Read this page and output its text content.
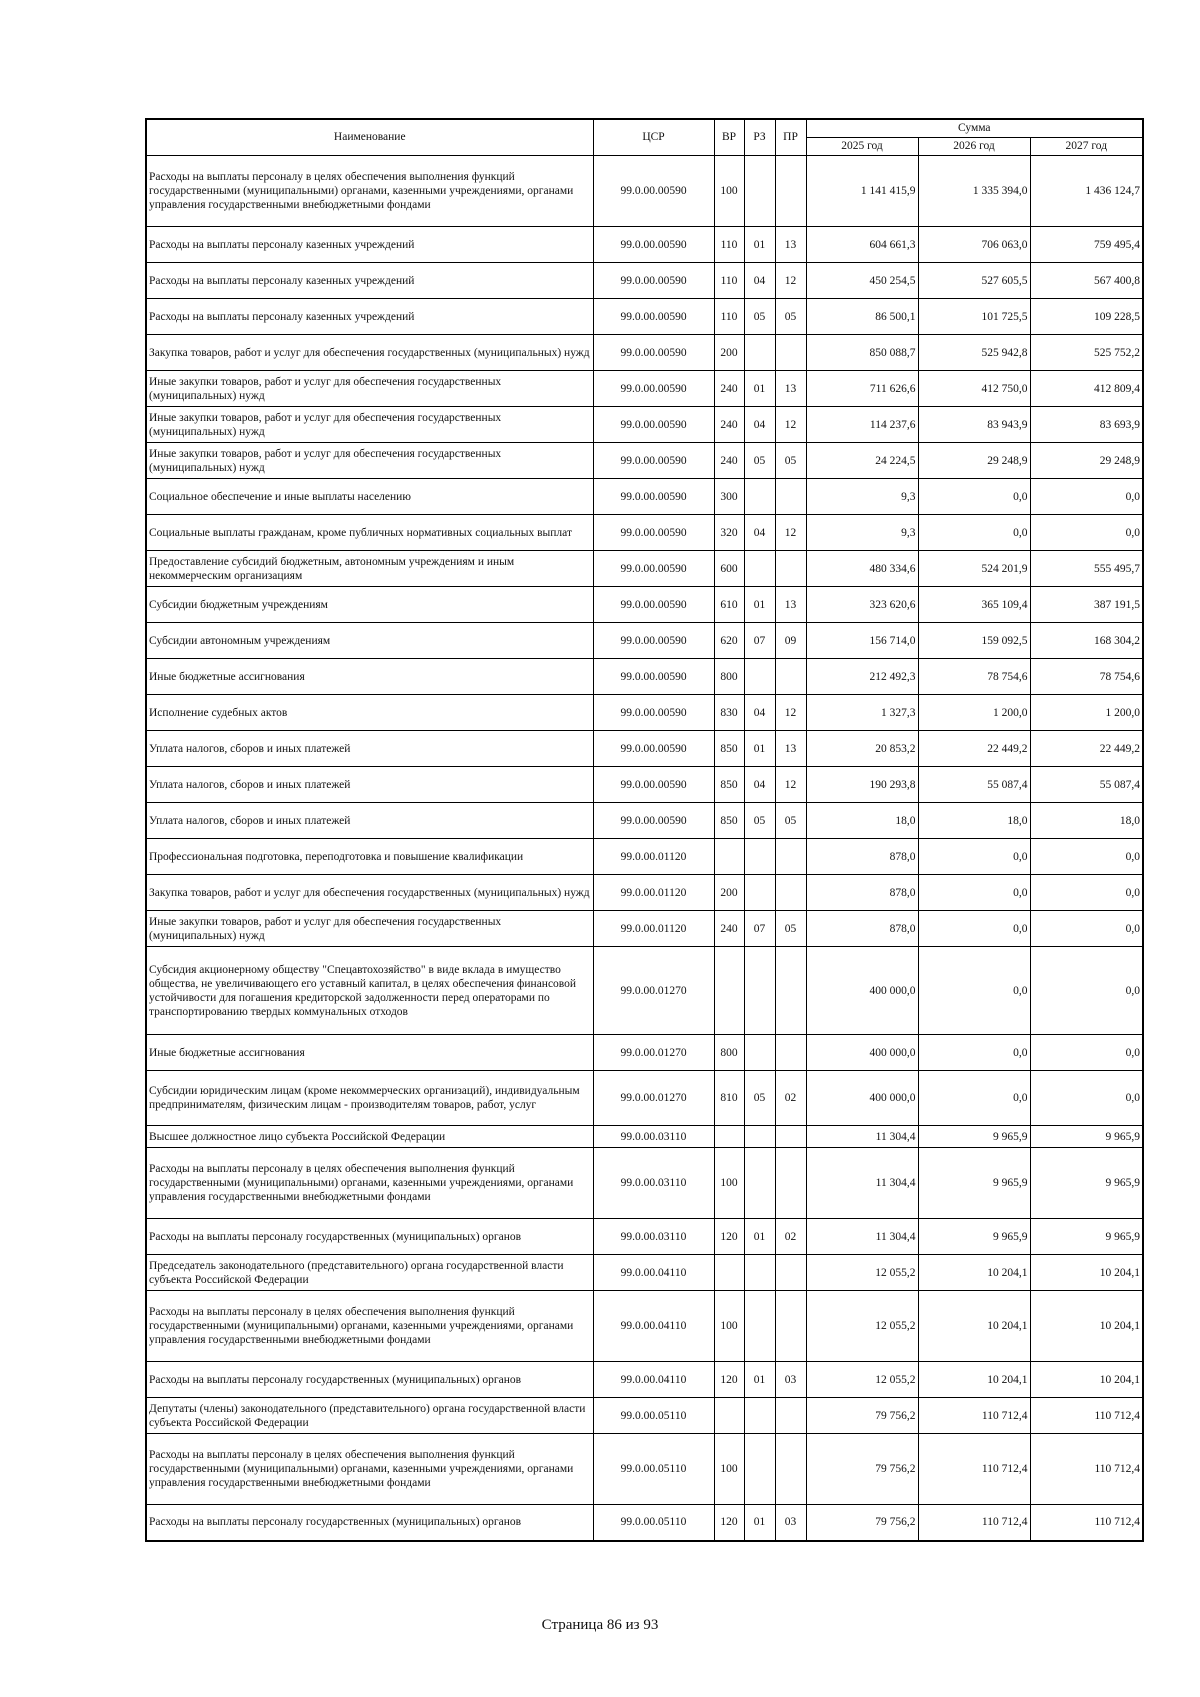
Наименование	ЦСР	ВР	РЗ	ПР	Сумма		
					2025 год	2026 год	2027 год
Расходы на выплаты персоналу в целях обеспечения выполнения функций государственными (муниципальными) органами, казенными учреждениями, органами управления государственными внебюджетными фондами	99.0.00.00590	100			1 141 415,9	1 335 394,0	1 436 124,7
Расходы на выплаты персоналу казенных учреждений	99.0.00.00590	110	01	13	604 661,3	706 063,0	759 495,4
Расходы на выплаты персоналу казенных учреждений	99.0.00.00590	110	04	12	450 254,5	527 605,5	567 400,8
Расходы на выплаты персоналу казенных учреждений	99.0.00.00590	110	05	05	86 500,1	101 725,5	109 228,5
Закупка товаров, работ и услуг для обеспечения государственных (муниципальных) нужд	99.0.00.00590	200			850 088,7	525 942,8	525 752,2
Иные закупки товаров, работ и услуг для обеспечения государственных (муниципальных) нужд	99.0.00.00590	240	01	13	711 626,6	412 750,0	412 809,4
Иные закупки товаров, работ и услуг для обеспечения государственных (муниципальных) нужд	99.0.00.00590	240	04	12	114 237,6	83 943,9	83 693,9
Иные закупки товаров, работ и услуг для обеспечения государственных (муниципальных) нужд	99.0.00.00590	240	05	05	24 224,5	29 248,9	29 248,9
Социальное обеспечение и иные выплаты населению	99.0.00.00590	300			9,3	0,0	0,0
Социальные выплаты гражданам, кроме публичных нормативных социальных выплат	99.0.00.00590	320	04	12	9,3	0,0	0,0
Предоставление субсидий бюджетным, автономным учреждениям и иным некоммерческим организациям	99.0.00.00590	600			480 334,6	524 201,9	555 495,7
Субсидии бюджетным учреждениям	99.0.00.00590	610	01	13	323 620,6	365 109,4	387 191,5
Субсидии автономным учреждениям	99.0.00.00590	620	07	09	156 714,0	159 092,5	168 304,2
Иные бюджетные ассигнования	99.0.00.00590	800			212 492,3	78 754,6	78 754,6
Исполнение судебных актов	99.0.00.00590	830	04	12	1 327,3	1 200,0	1 200,0
Уплата налогов, сборов и иных платежей	99.0.00.00590	850	01	13	20 853,2	22 449,2	22 449,2
Уплата налогов, сборов и иных платежей	99.0.00.00590	850	04	12	190 293,8	55 087,4	55 087,4
Уплата налогов, сборов и иных платежей	99.0.00.00590	850	05	05	18,0	18,0	18,0
Профессиональная подготовка, переподготовка и повышение квалификации	99.0.00.01120				878,0	0,0	0,0
Закупка товаров, работ и услуг для обеспечения государственных (муниципальных) нужд	99.0.00.01120	200			878,0	0,0	0,0
Иные закупки товаров, работ и услуг для обеспечения государственных (муниципальных) нужд	99.0.00.01120	240	07	05	878,0	0,0	0,0
Субсидия акционерному обществу "Спецавтохозяйство" в виде вклада в имущество общества, не увеличивающего его уставный капитал, в целях обеспечения финансовой устойчивости для погашения кредиторской задолженности перед операторами по транспортированию твердых коммунальных отходов	99.0.00.01270				400 000,0	0,0	0,0
Иные бюджетные ассигнования	99.0.00.01270	800			400 000,0	0,0	0,0
Субсидии юридическим лицам (кроме некоммерческих организаций), индивидуальным предпринимателям, физическим лицам - производителям товаров, работ, услуг	99.0.00.01270	810	05	02	400 000,0	0,0	0,0
Высшее должностное лицо субъекта Российской Федерации	99.0.00.03110				11 304,4	9 965,9	9 965,9
Расходы на выплаты персоналу в целях обеспечения выполнения функций государственными (муниципальными) органами, казенными учреждениями, органами управления государственными внебюджетными фондами	99.0.00.03110	100			11 304,4	9 965,9	9 965,9
Расходы на выплаты персоналу государственных (муниципальных) органов	99.0.00.03110	120	01	02	11 304,4	9 965,9	9 965,9
Председатель законодательного (представительного) органа государственной власти субъекта Российской Федерации	99.0.00.04110				12 055,2	10 204,1	10 204,1
Расходы на выплаты персоналу в целях обеспечения выполнения функций государственными (муниципальными) органами, казенными учреждениями, органами управления государственными внебюджетными фондами	99.0.00.04110	100			12 055,2	10 204,1	10 204,1
Расходы на выплаты персоналу государственных (муниципальных) органов	99.0.00.04110	120	01	03	12 055,2	10 204,1	10 204,1
Депутаты (члены) законодательного (представительного) органа государственной власти субъекта Российской Федерации	99.0.00.05110				79 756,2	110 712,4	110 712,4
Расходы на выплаты персоналу в целях обеспечения выполнения функций государственными (муниципальными) органами, казенными учреждениями, органами управления государственными внебюджетными фондами	99.0.00.05110	100			79 756,2	110 712,4	110 712,4
Расходы на выплаты персоналу государственных (муниципальных) органов	99.0.00.05110	120	01	03	79 756,2	110 712,4	110 712,4
Страница 86 из 93
